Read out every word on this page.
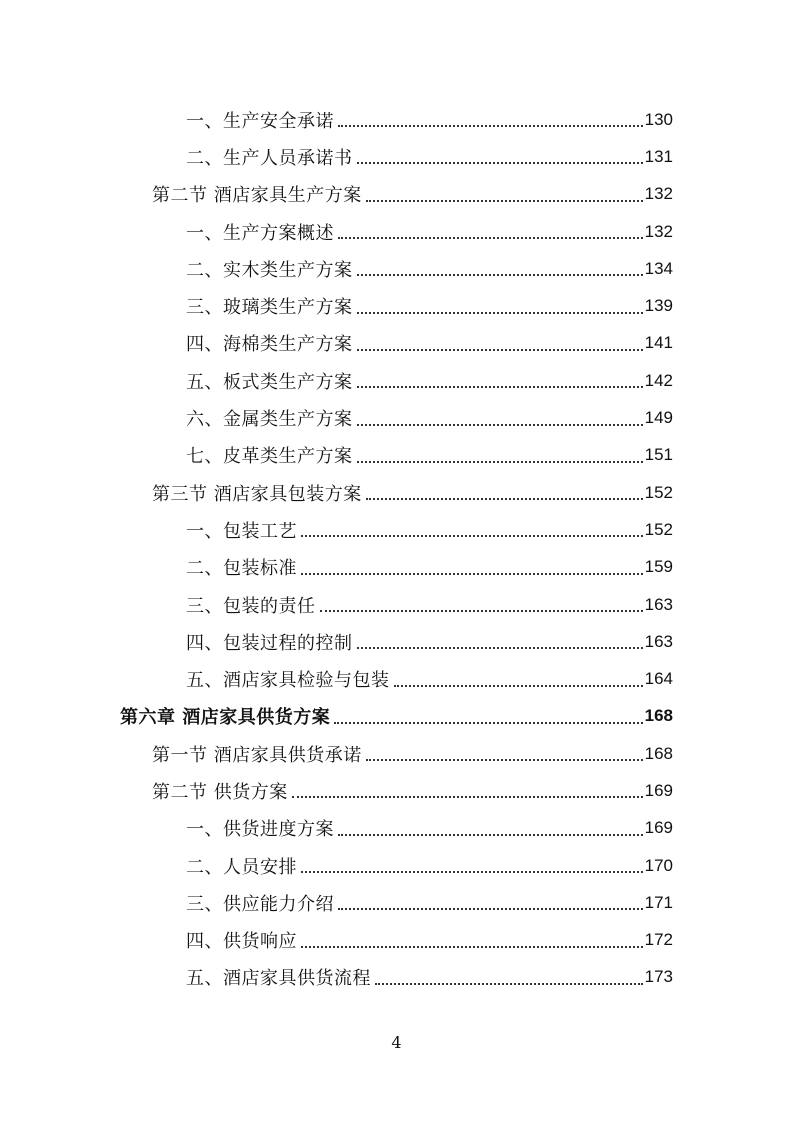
一、生产安全承诺	130
二、生产人员承诺书	131
第二节 酒店家具生产方案	132
一、生产方案概述	132
二、实木类生产方案	134
三、玻璃类生产方案	139
四、海棉类生产方案	141
五、板式类生产方案	142
六、金属类生产方案	149
七、皮革类生产方案	151
第三节 酒店家具包装方案	152
一、包装工艺	152
二、包装标准	159
三、包装的责任	163
四、包装过程的控制	163
五、酒店家具检验与包装	164
第六章 酒店家具供货方案	168
第一节 酒店家具供货承诺	168
第二节 供货方案	169
一、供货进度方案	169
二、人员安排	170
三、供应能力介绍	171
四、供货响应	172
五、酒店家具供货流程	173
4
